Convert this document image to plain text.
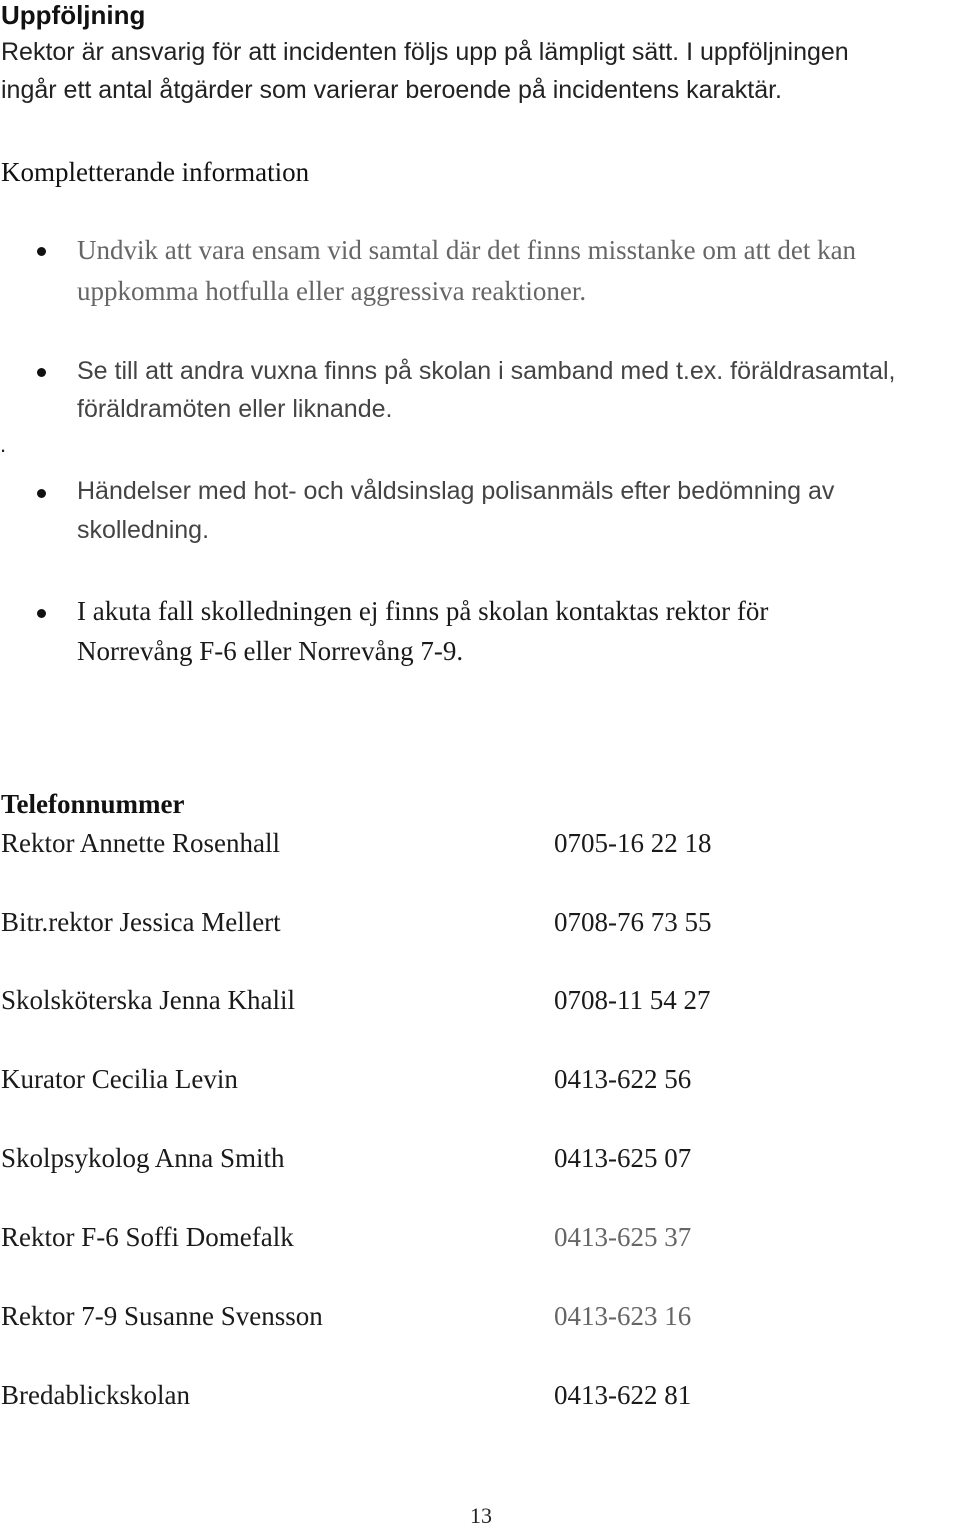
Uppföljning
Rektor är ansvarig för att incidenten följs upp på lämpligt sätt. I uppföljningen
ingår ett antal åtgärder som varierar beroende på incidentens karaktär.
Kompletterande information
Undvik att vara ensam vid samtal där det finns misstanke om att det kan
uppkomma hotfulla eller aggressiva reaktioner.
Se till att andra vuxna finns på skolan i samband med t.ex. föräldrasamtal,
föräldramöten eller liknande.
.
Händelser med hot- och våldsinslag polisanmäls efter bedömning av
skolledning.
I akuta fall skolledningen ej finns på skolan kontaktas rektor för
Norrevång F-6 eller Norrevång 7-9.
Telefonnummer
Rektor Annette Rosenhall	0705-16 22 18
Bitr.rektor Jessica Mellert	0708-76 73 55
Skolsköterska Jenna Khalil	0708-11 54 27
Kurator Cecilia Levin	0413-622 56
Skolpsykolog Anna Smith	0413-625 07
Rektor F-6 Soffi Domefalk	0413-625 37
Rektor 7-9 Susanne Svensson	0413-623 16
Bredablickskolan	0413-622 81
13
